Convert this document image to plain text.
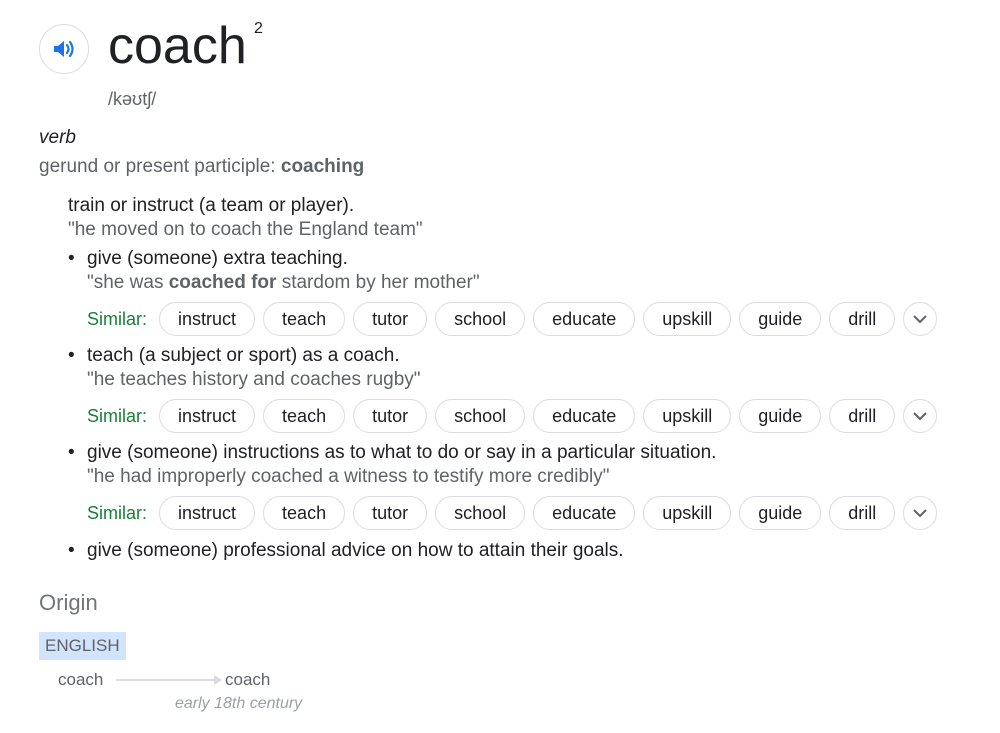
coach 2
/kəʊtʃ/
verb
gerund or present participle: coaching
train or instruct (a team or player).
"he moved on to coach the England team"
• give (someone) extra teaching.
"she was coached for stardom by her mother"
Similar:	instruct	teach	tutor	school	educate	upskill	guide	drill
• teach (a subject or sport) as a coach.
"he teaches history and coaches rugby"
Similar:	instruct	teach	tutor	school	educate	upskill	guide	drill
• give (someone) instructions as to what to do or say in a particular situation.
"he had improperly coached a witness to testify more credibly"
Similar:	instruct	teach	tutor	school	educate	upskill	guide	drill
• give (someone) professional advice on how to attain their goals.
Origin
ENGLISH
coach	coach
early 18th century
